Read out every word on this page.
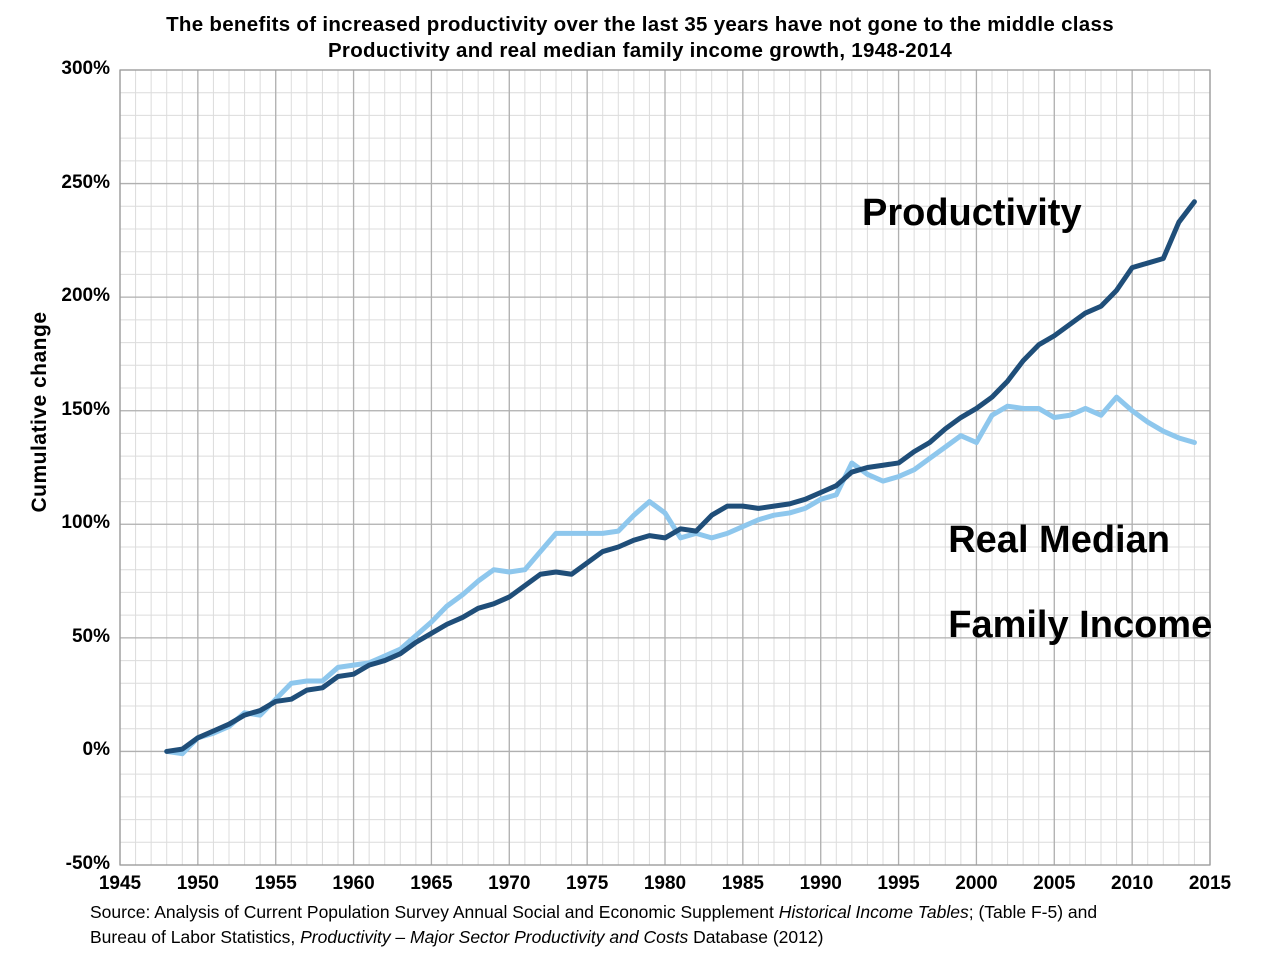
The benefits of increased productivity over the last 35 years have not gone to the middle class
Productivity and real median family income growth, 1948-2014
Cumulative change
-50%
0%
50%
100%
150%
200%
250%
300%
1945	1950	1955	1960	1965	1970	1975	1980	1985	1990	1995	2000	2005	2010	2015
Productivity

Real Median

Family Income

Source: Analysis of Current Population Survey Annual Social and Economic Supplement Historical Income Tables; (Table F-5) and
Bureau of Labor Statistics, Productivity – Major Sector Productivity and Costs Database (2012)
